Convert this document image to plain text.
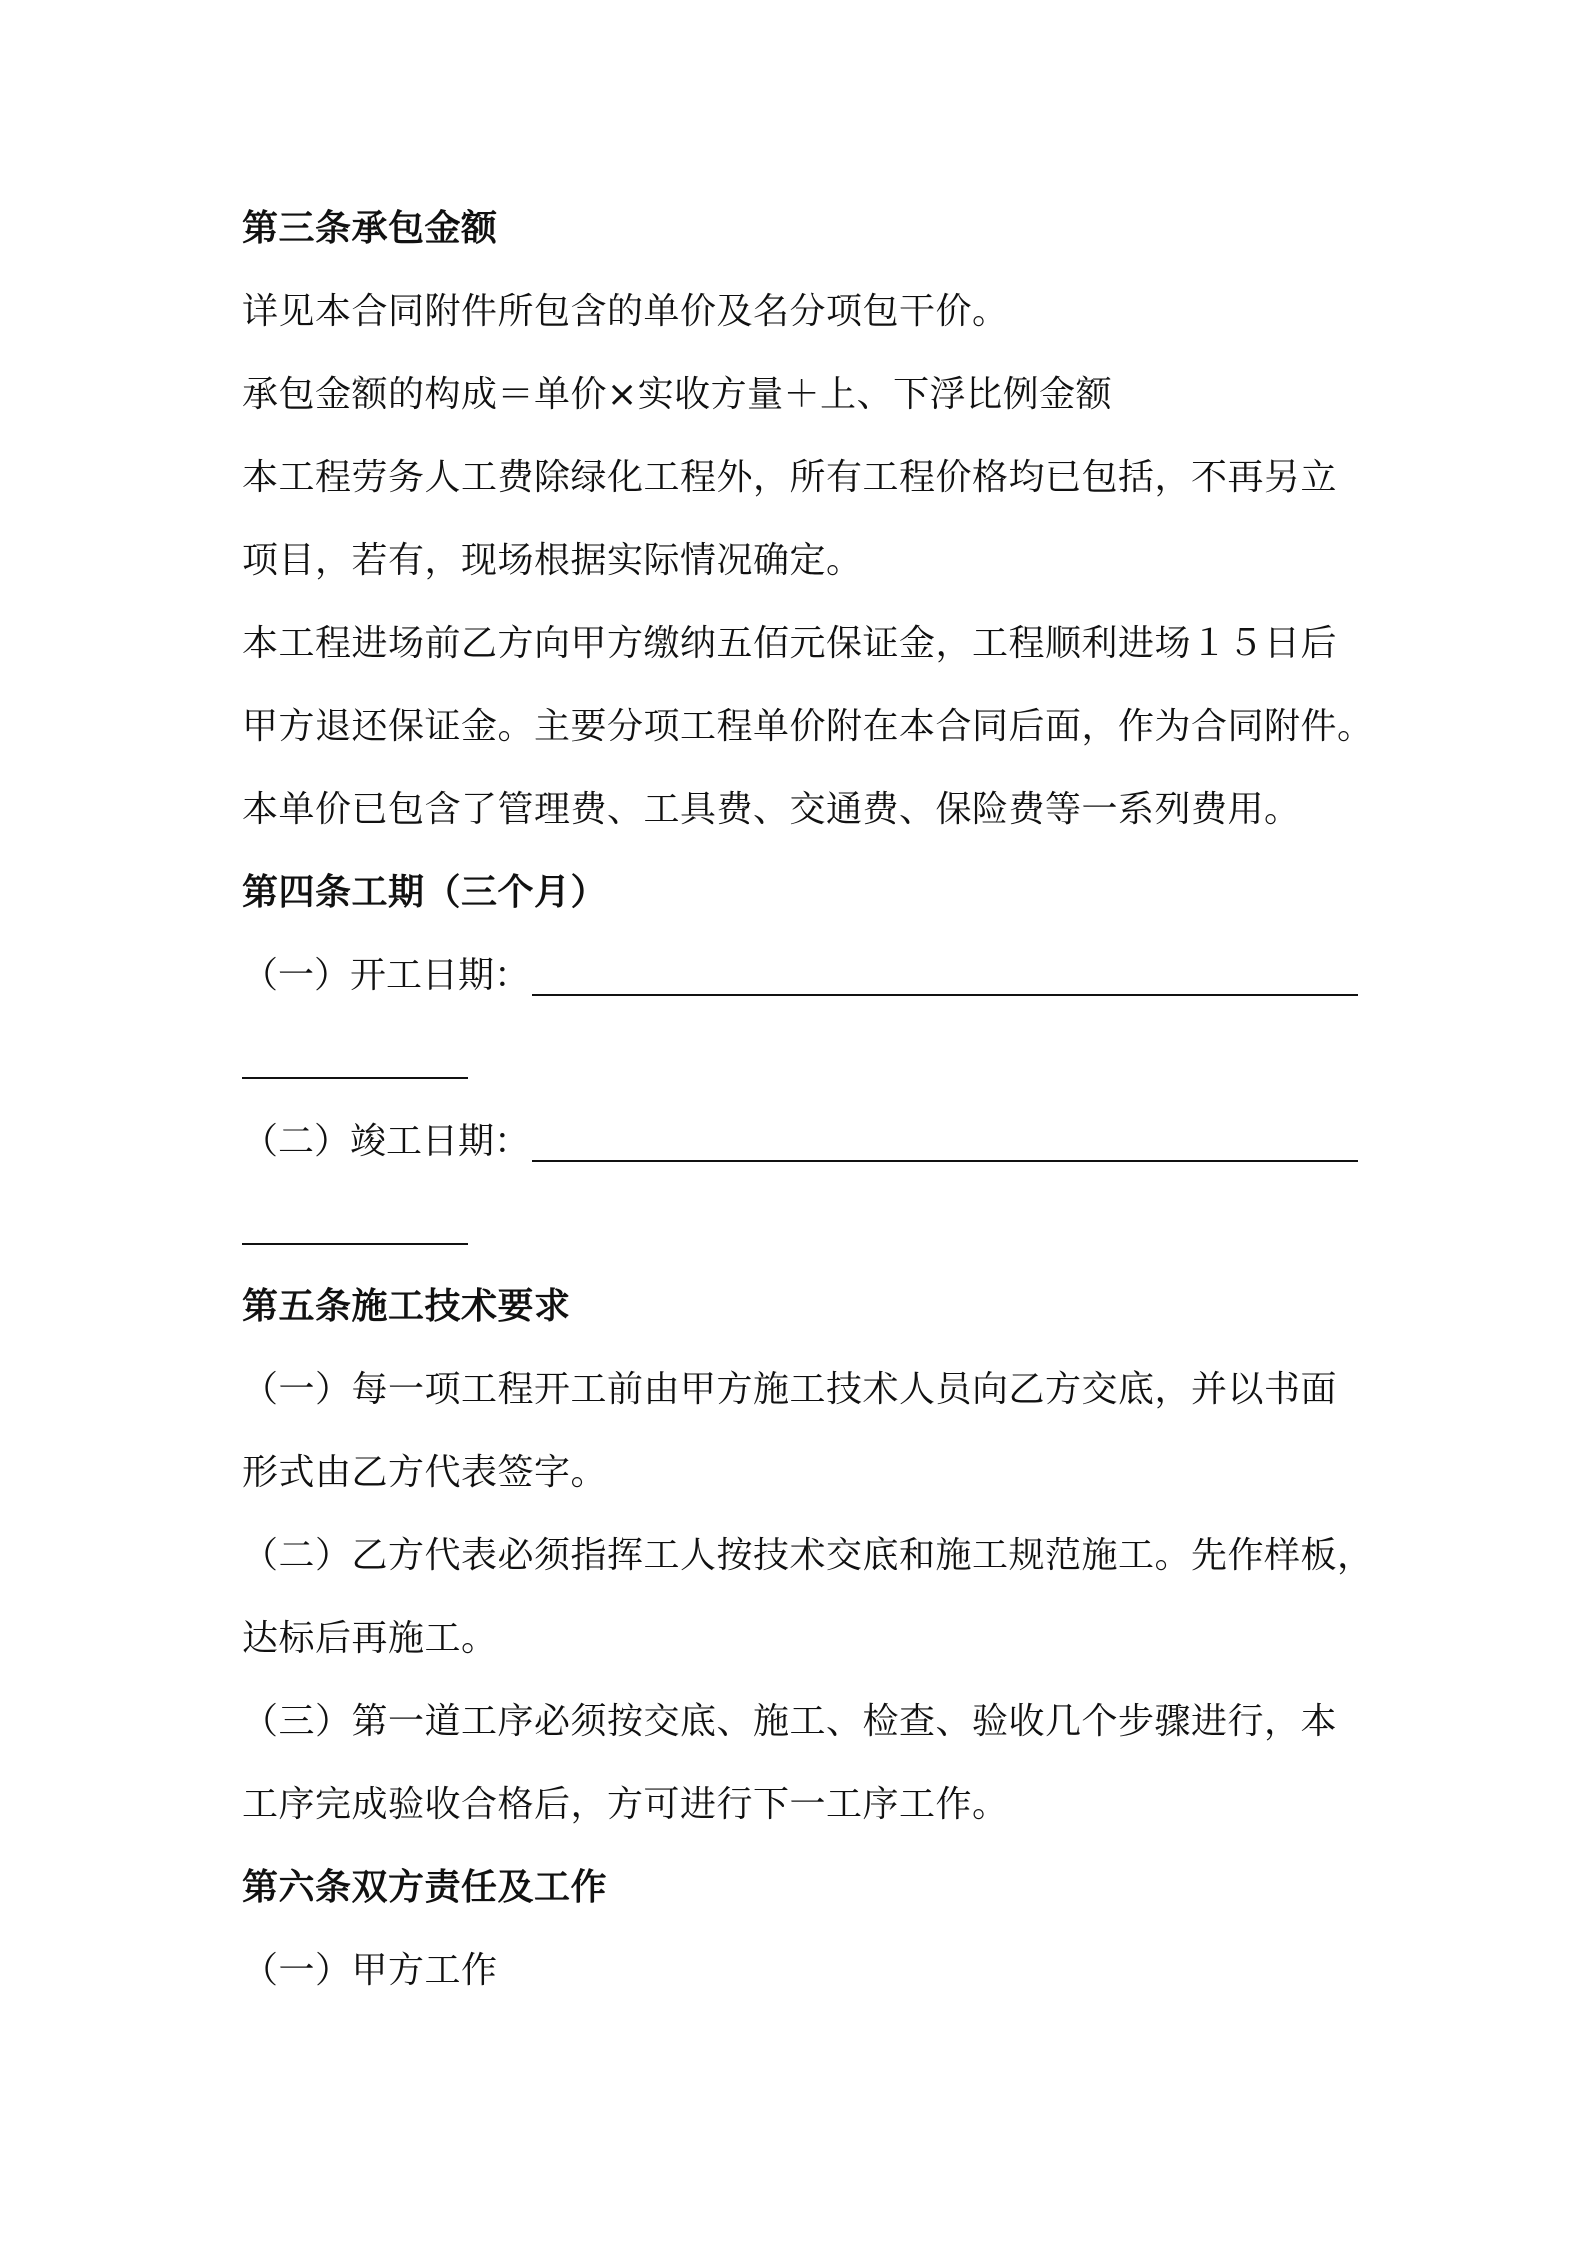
第三条承包金额
详见本合同附件所包含的单价及名分项包干价。
承包金额的构成＝单价×实收方量＋上、下浮比例金额
本工程劳务人工费除绿化工程外，所有工程价格均已包括，不再另立
项目，若有，现场根据实际情况确定。
本工程进场前乙方向甲方缴纳五佰元保证金，工程顺利进场１５日后
甲方退还保证金。主要分项工程单价附在本合同后面，作为合同附件。
本单价已包含了管理费、工具费、交通费、保险费等一系列费用。
第四条工期（三个月）
（一）开工日期：
（二）竣工日期：
第五条施工技术要求
（一）每一项工程开工前由甲方施工技术人员向乙方交底，并以书面
形式由乙方代表签字。
（二）乙方代表必须指挥工人按技术交底和施工规范施工。先作样板，
达标后再施工。
（三）第一道工序必须按交底、施工、检查、验收几个步骤进行，本
工序完成验收合格后，方可进行下一工序工作。
第六条双方责任及工作
（一）甲方工作
